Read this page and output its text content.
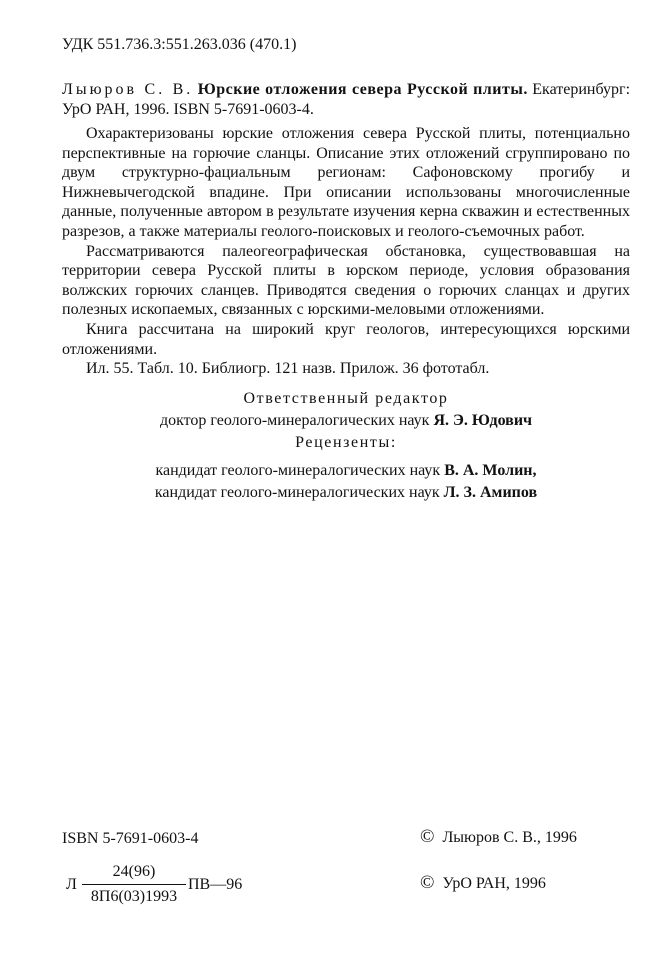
УДК 551.736.3:551.263.036 (470.1)
Лыюров С. В. Юрские отложения севера Русской плиты. Екатеринбург: УрО РАН, 1996. ISBN 5-7691-0603-4.

Охарактеризованы юрские отложения севера Русской плиты, потенциально перспективные на горючие сланцы. Описание этих отложений сгруппировано по двум структурно-фациальным регионам: Сафоновскому прогибу и Нижневычегодской впадине. При описании использованы многочисленные данные, полученные автором в результате изучения керна скважин и естественных разрезов, а также материалы геолого-поисковых и геолого-съемочных работ.

Рассматриваются палеогеографическая обстановка, существовавшая на территории севера Русской плиты в юрском периоде, условия образования волжских горючих сланцев. Приводятся сведения о горючих сланцах и других полезных ископаемых, связанных с юрскими-меловыми отложениями.

Книга рассчитана на широкий круг геологов, интересующихся юрскими отложениями.

Ил. 55. Табл. 10. Библиогр. 121 назв. Прилож. 36 фототабл.

Ответственный редактор
доктор геолого-минералогических наук Я. Э. Юдович
Рецензенты:
кандидат геолого-минералогических наук В. А. Молин,
кандидат геолого-минералогических наук Л. З. Амипов
ISBN 5-7691-0603-4	© Лыюров С. В., 1996
© УрО РАН, 1996
Л
24(96)
8П6(03)1993
ПВ—96
